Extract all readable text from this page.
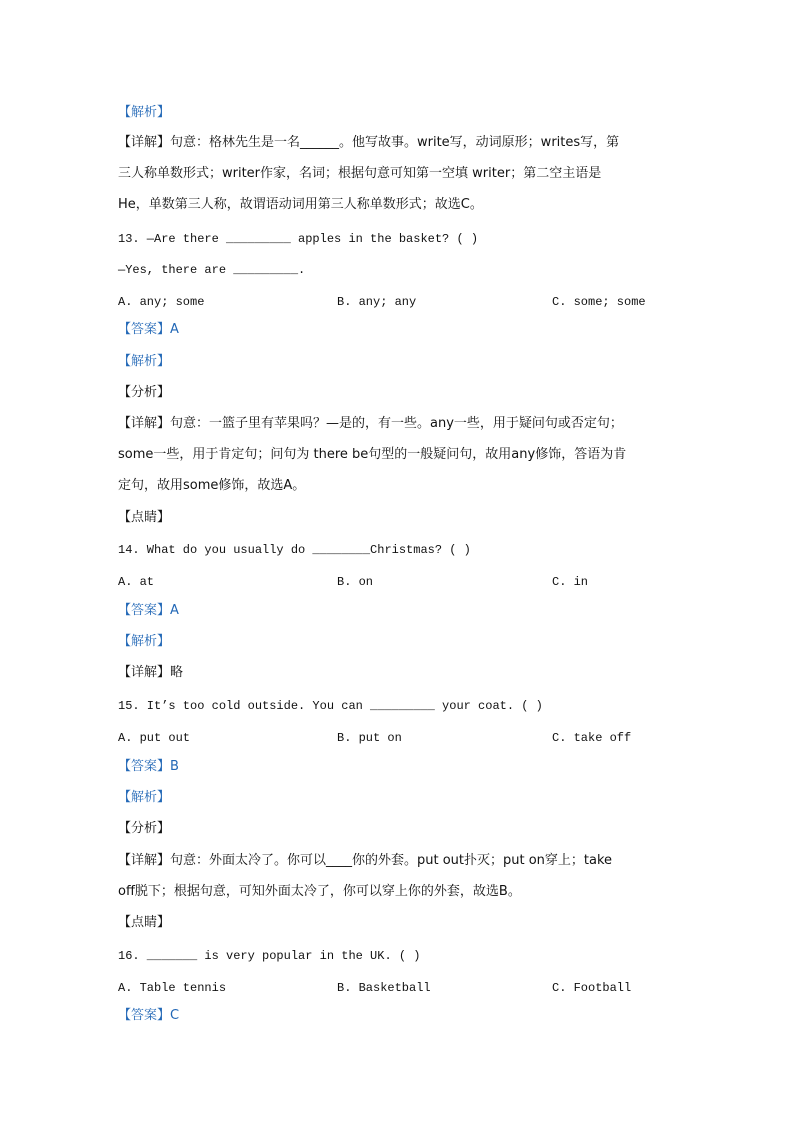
【解析】
【详解】句意：格林先生是一名______。他写故事。write写，动词原形；writes写，第
三人称单数形式；writer作家，名词；根据句意可知第一空填 writer；第二空主语是
He，单数第三人称，故谓语动词用第三人称单数形式；故选C。
13. —Are there _________ apples in the basket? ( )
—Yes, there are _________.
A. any; some	B. any; any	C. some; some
【答案】A
【解析】
【分析】
【详解】句意：一篮子里有苹果吗？—是的，有一些。any一些，用于疑问句或否定句；
some一些，用于肯定句；问句为 there be句型的一般疑问句，故用any修饰，答语为肯
定句，故用some修饰，故选A。
【点睛】
14. What do you usually do ________Christmas? ( )
A. at	B. on	C. in
【答案】A
【解析】
【详解】略
15. It’s too cold outside. You can _________ your coat. ( )
A. put out	B. put on	C. take off
【答案】B
【解析】
【分析】
【详解】句意：外面太冷了。你可以____你的外套。put out扑灭；put on穿上；take
off脱下；根据句意，可知外面太冷了，你可以穿上你的外套，故选B。
【点睛】
16. _______ is very popular in the UK. ( )
A. Table tennis	B. Basketball	C. Football
【答案】C
